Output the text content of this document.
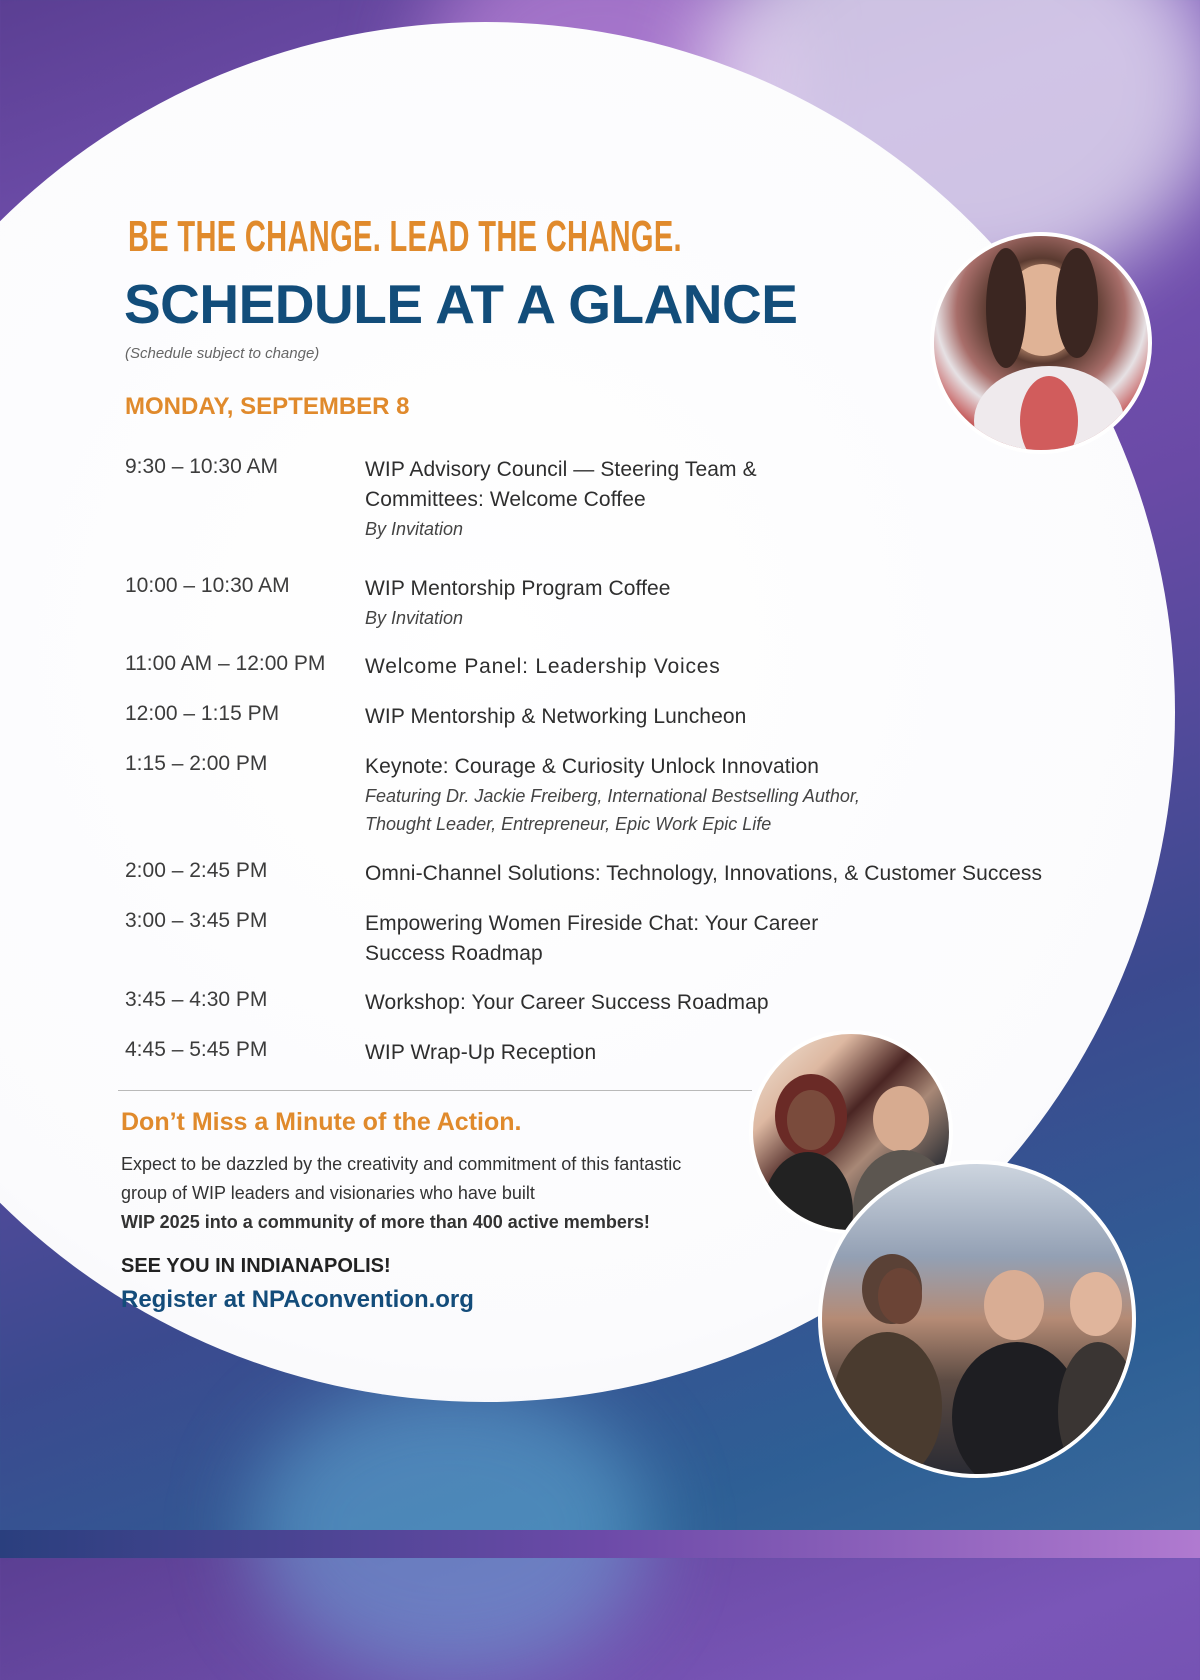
BE THE CHANGE. LEAD THE CHANGE.
SCHEDULE AT A GLANCE
(Schedule subject to change)
MONDAY, SEPTEMBER 8
9:30 – 10:30 AM	WIP Advisory Council — Steering Team & Committees: Welcome Coffee
By Invitation
10:00 – 10:30 AM	WIP Mentorship Program Coffee
By Invitation
11:00 AM – 12:00 PM Welcome Panel: Leadership Voices
12:00 – 1:15 PM	WIP Mentorship & Networking Luncheon
1:15 – 2:00 PM	Keynote: Courage & Curiosity Unlock Innovation
Featuring Dr. Jackie Freiberg, International Bestselling Author, Thought Leader, Entrepreneur, Epic Work Epic Life
2:00 – 2:45 PM	Omni-Channel Solutions: Technology, Innovations, & Customer Success
3:00 – 3:45 PM	Empowering Women Fireside Chat: Your Career Success Roadmap
3:45 – 4:30 PM	Workshop: Your Career Success Roadmap
4:45 – 5:45 PM	WIP Wrap-Up Reception
Don’t Miss a Minute of the Action.
Expect to be dazzled by the creativity and commitment of this fantastic group of WIP leaders and visionaries who have built
WIP 2025 into a community of more than 400 active members!
SEE YOU IN INDIANAPOLIS!
Register at NPAconvention.org
